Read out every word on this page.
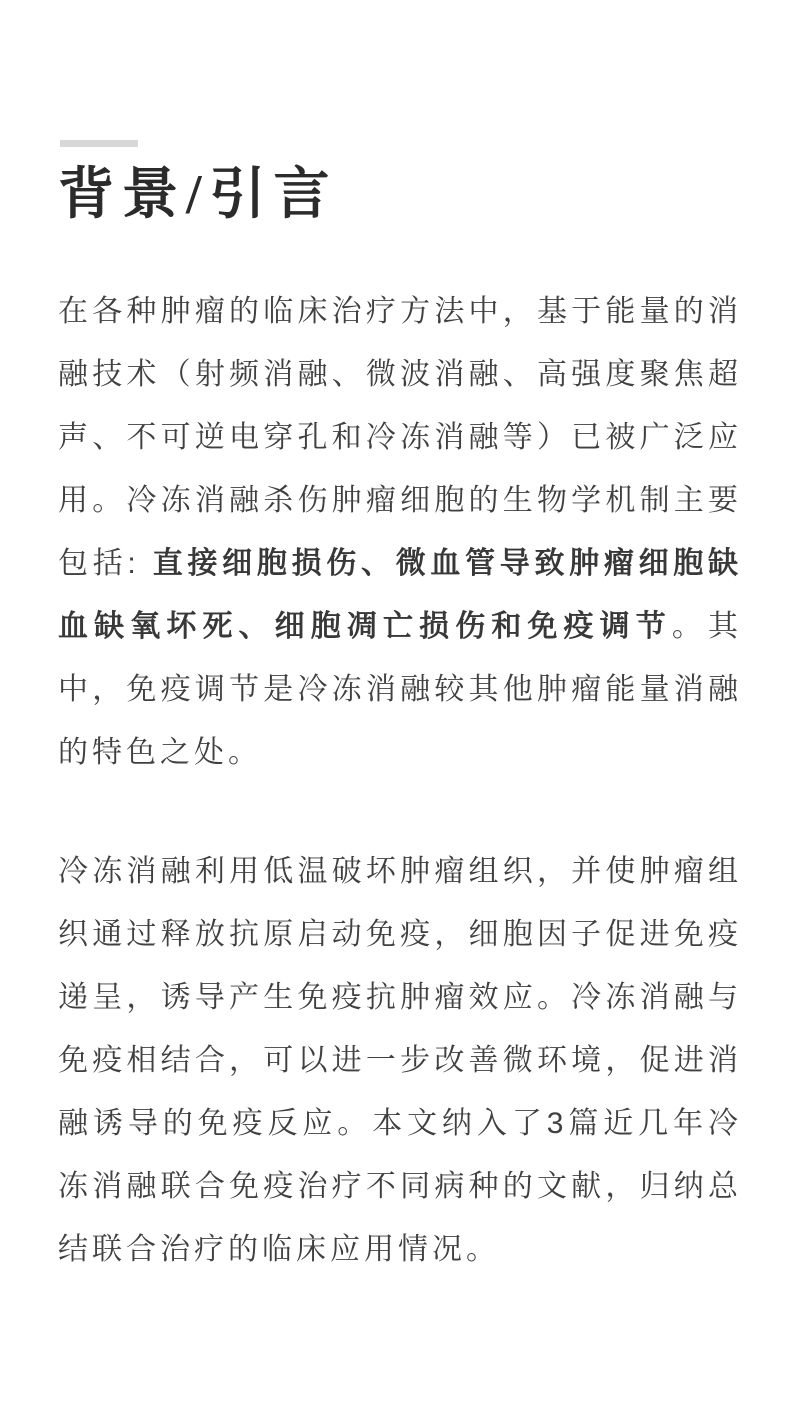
背景/引言

在各种肿瘤的临床治疗方法中，基于能量的消融技术（射频消融、微波消融、高强度聚焦超声、不可逆电穿孔和冷冻消融等）已被广泛应用。冷冻消融杀伤肿瘤细胞的生物学机制主要包括: 直接细胞损伤、微血管导致肿瘤细胞缺血缺氧坏死、细胞凋亡损伤和免疫调节。其中，免疫调节是冷冻消融较其他肿瘤能量消融的特色之处。

冷冻消融利用低温破坏肿瘤组织，并使肿瘤组织通过释放抗原启动免疫，细胞因子促进免疫递呈，诱导产生免疫抗肿瘤效应。冷冻消融与免疫相结合，可以进一步改善微环境，促进消融诱导的免疫反应。本文纳入了3篇近几年冷冻消融联合免疫治疗不同病种的文献，归纳总结联合治疗的临床应用情况。
